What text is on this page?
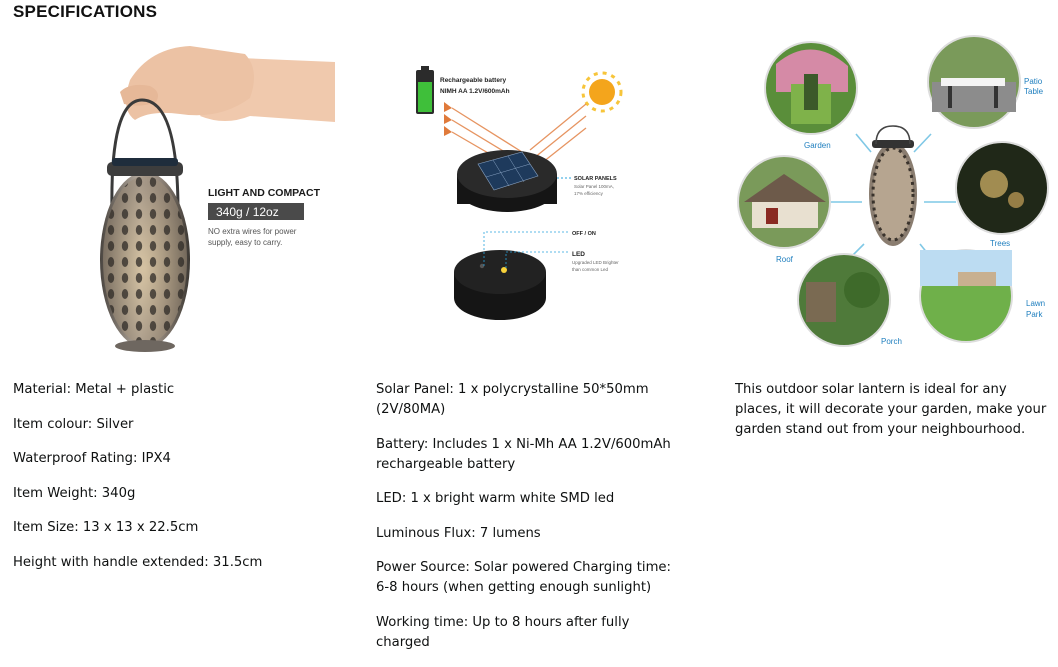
SPECIFICATIONS
LIGHT AND COMPACT
340g / 12oz
NO extra wires for power
supply, easy to carry.

Material: Metal + plastic

Item colour: Silver

Waterproof Rating: IPX4

Item Weight: 340g

Item Size: 13 x 13 x 22.5cm

Height with handle extended: 31.5cm

Rechargeable battery
NIMH AA 1.2V/600mAh
SOLAR PANELS
Solar Panel 100mA,
17% efficiency
OFF / ON
LED
Upgraded LED Brighter
than common Led

Solar Panel: 1 x polycrystalline 50*50mm (2V/80MA)

Battery: Includes 1 x Ni-Mh AA 1.2V/600mAh rechargeable battery

LED: 1 x bright warm white SMD led

Luminous Flux: 7 lumens

Power Source: Solar powered Charging time: 6-8 hours (when getting enough sunlight)

Working time: Up to 8 hours after fully charged

Garden
Patio
Table
Roof
Trees
Porch
Lawn
Park

This outdoor solar lantern is ideal for any places, it will decorate your garden, make your garden stand out from your neighbourhood.
